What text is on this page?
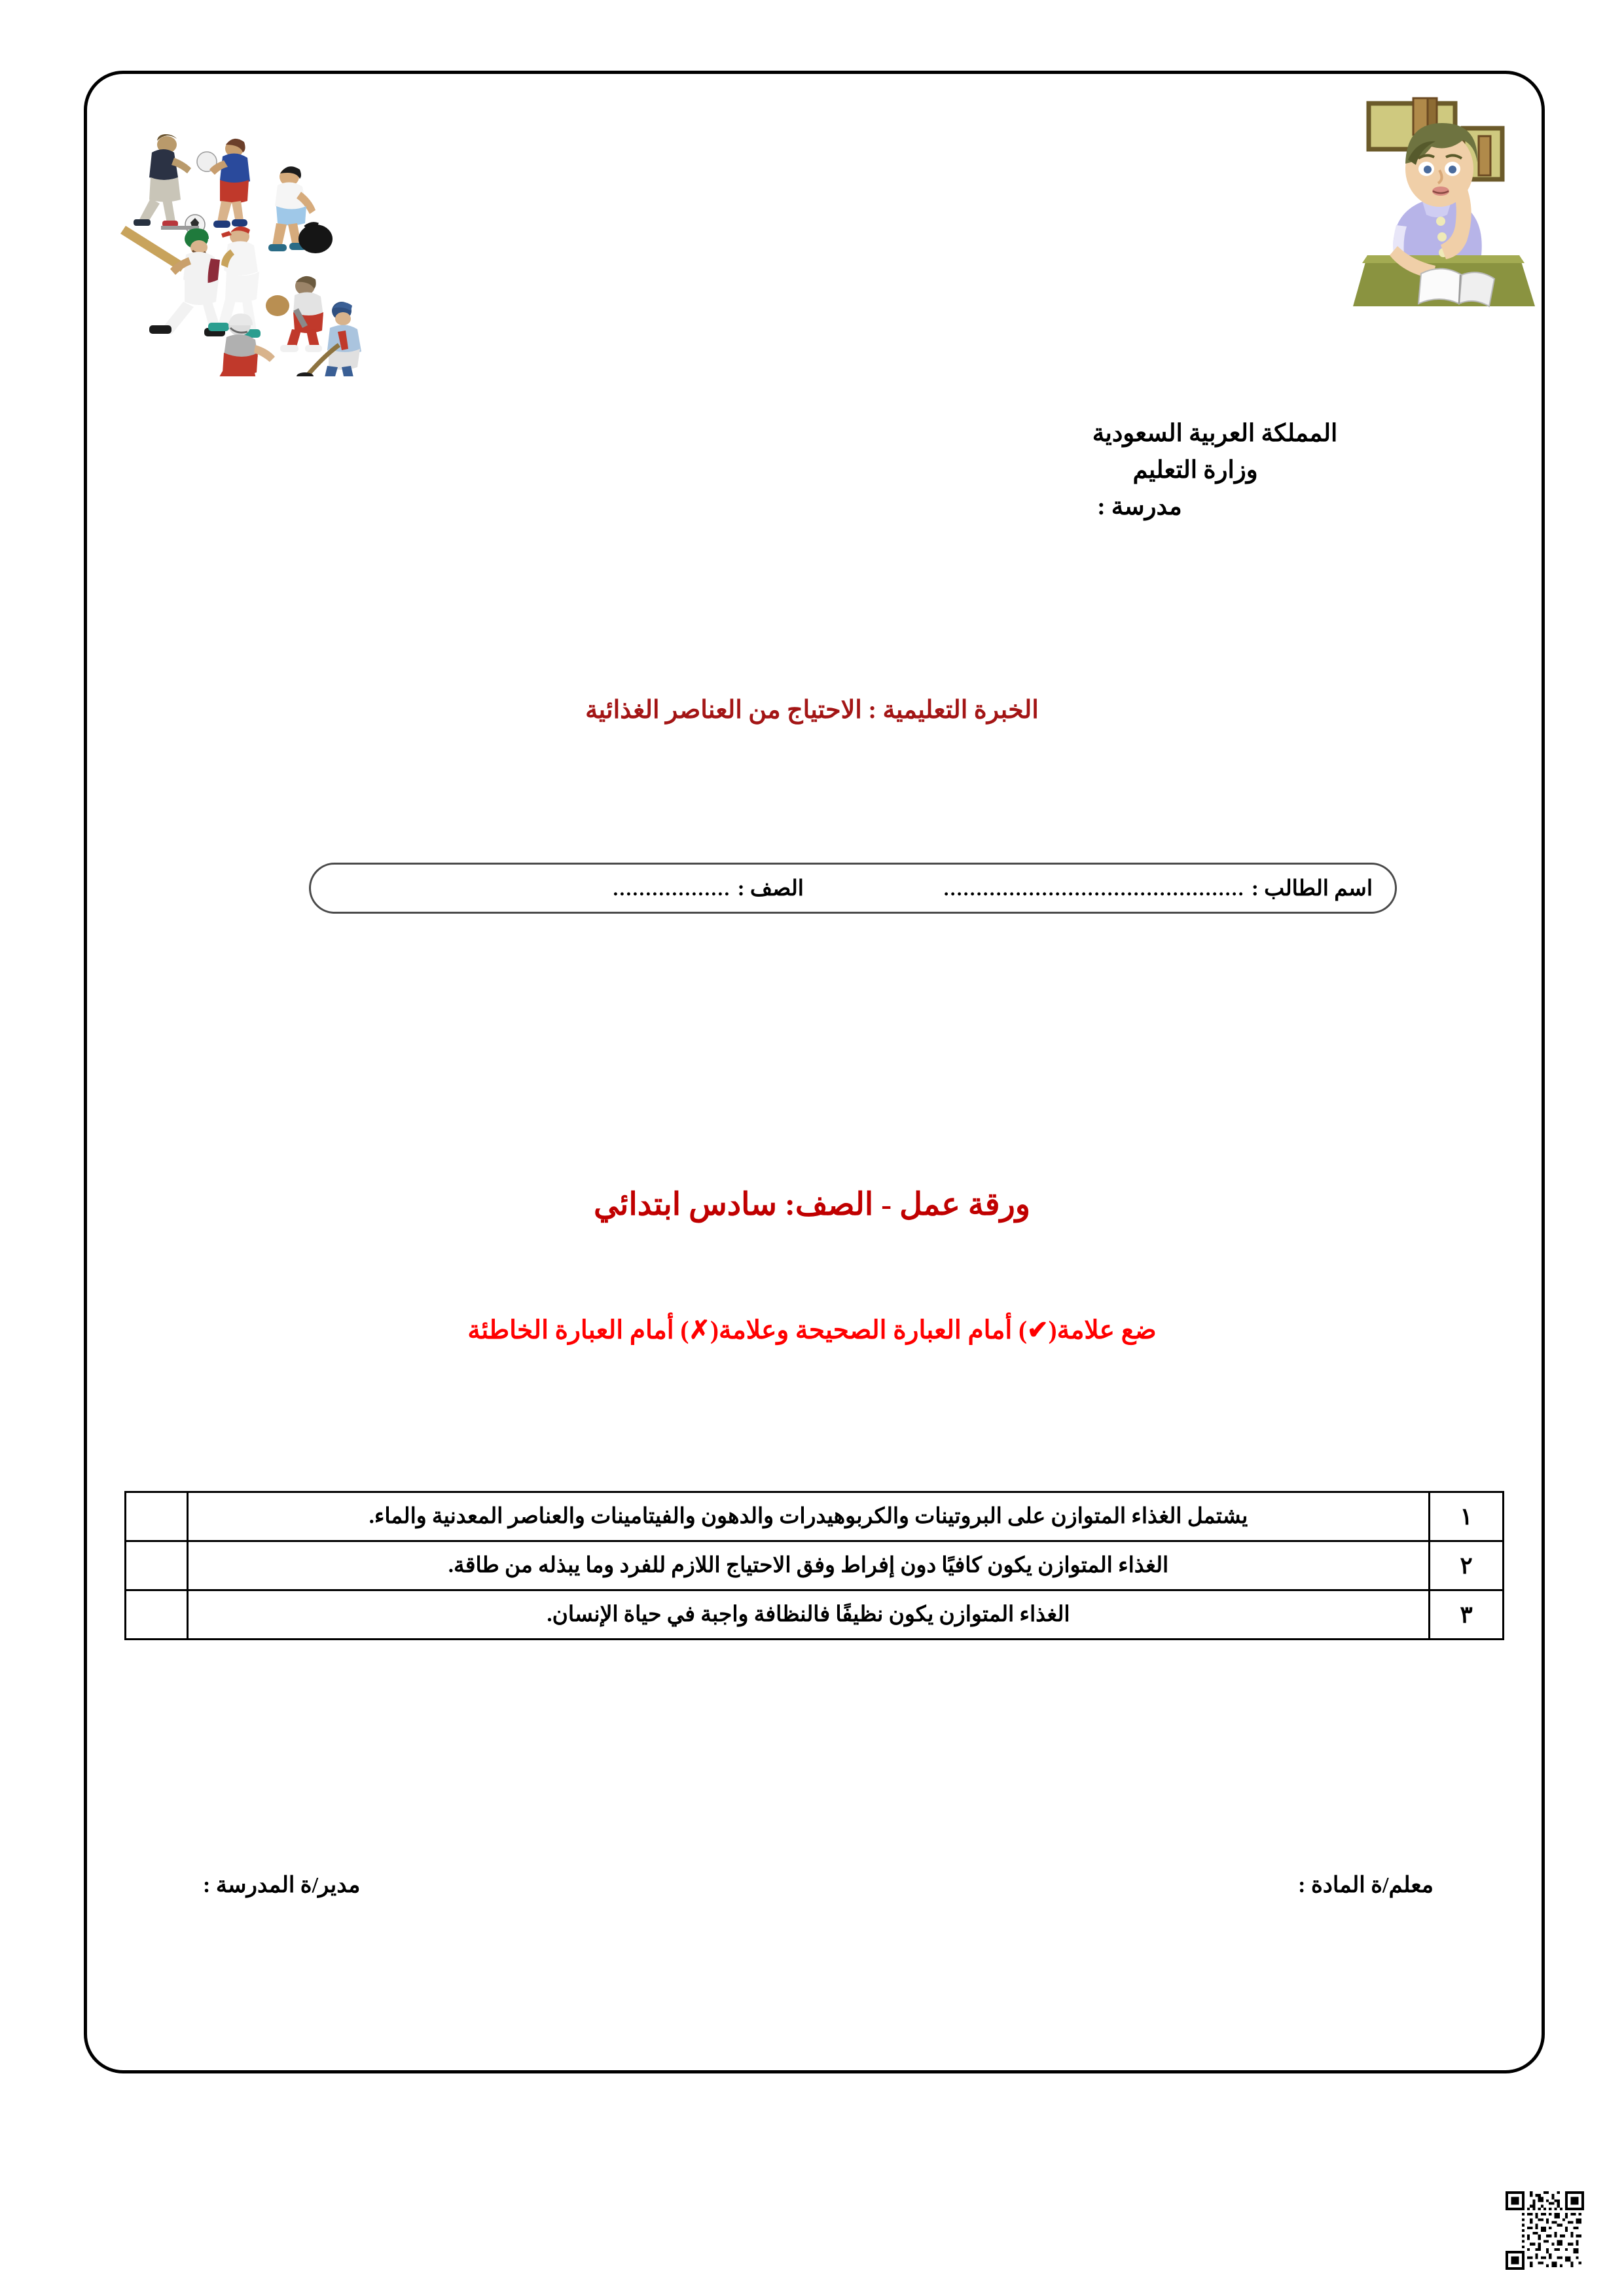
المملكة العربية السعودية
وزارة التعليم
مدرسة :
الخبرة التعليمية : الاحتياج من العناصر الغذائية
اسم الطالب :
..............................................
الصف :
..................
ورقة عمل - الصف: سادس ابتدائي
ضع علامة(✔) أمام العبارة الصحيحة وعلامة(✗) أمام العبارة الخاطئة
١	يشتمل الغذاء المتوازن على البروتينات والكربوهيدرات والدهون والفيتامينات والعناصر المعدنية والماء.	
٢	الغذاء المتوازن يكون كافيًا دون إفراط وفق الاحتياج اللازم للفرد وما يبذله من طاقة.	
٣	الغذاء المتوازن يكون نظيفًا فالنظافة واجبة في حياة الإنسان.	
معلم/ة المادة :
مدير/ة المدرسة :
